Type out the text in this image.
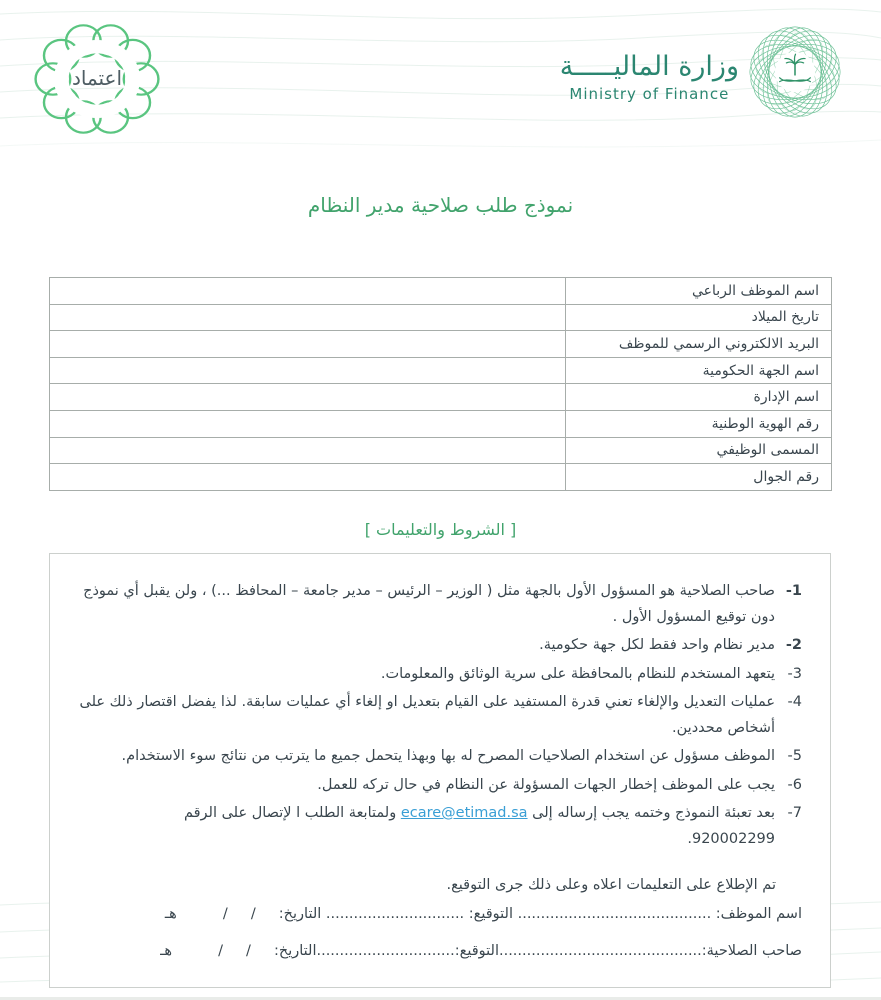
اعتماد	وزارة الماليـــــة
Ministry of Finance
نموذج طلب صلاحية مدير النظام
اسم الموظف الرباعي	
تاريخ الميلاد	
البريد الالكتروني الرسمي للموظف	
اسم الجهة الحكومية	
اسم الإدارة	
رقم الهوية الوطنية	
المسمى الوظيفي	
رقم الجوال	
[ الشروط والتعليمات ]
1-
صاحب الصلاحية هو المسؤول الأول بالجهة مثل ( الوزير – الرئيس – مدير جامعة – المحافظ ...) ، ولن يقبل أي نموذج دون توقيع المسؤول الأول .
2-
مدير نظام واحد فقط لكل جهة حكومية.
3-
يتعهد المستخدم للنظام بالمحافظة على سرية الوثائق والمعلومات.
4-
عمليات التعديل والإلغاء تعني قدرة المستفيد على القيام بتعديل او إلغاء أي عمليات سابقة. لذا يفضل اقتصار ذلك على أشخاص محددين.
5-
الموظف مسؤول عن استخدام الصلاحيات المصرح له بها وبهذا يتحمل جميع ما يترتب من نتائج سوء الاستخدام.
6-
يجب على الموظف إخطار الجهات المسؤولة عن النظام في حال تركه للعمل.
7-
بعد تعبئة النموذج وختمه يجب إرساله إلى ecare@etimad.sa ولمتابعة الطلب ا لإتصال على الرقم
920002299.

تم الإطلاع على التعليمات اعلاه وعلى ذلك جرى التوقيع.

اسم الموظف: .......................................... التوقيع: .............................. التاريخ:     /     /          هـ
صاحب الصلاحية:............................................التوقيع:..............................التاريخ:     /     /          هـ
